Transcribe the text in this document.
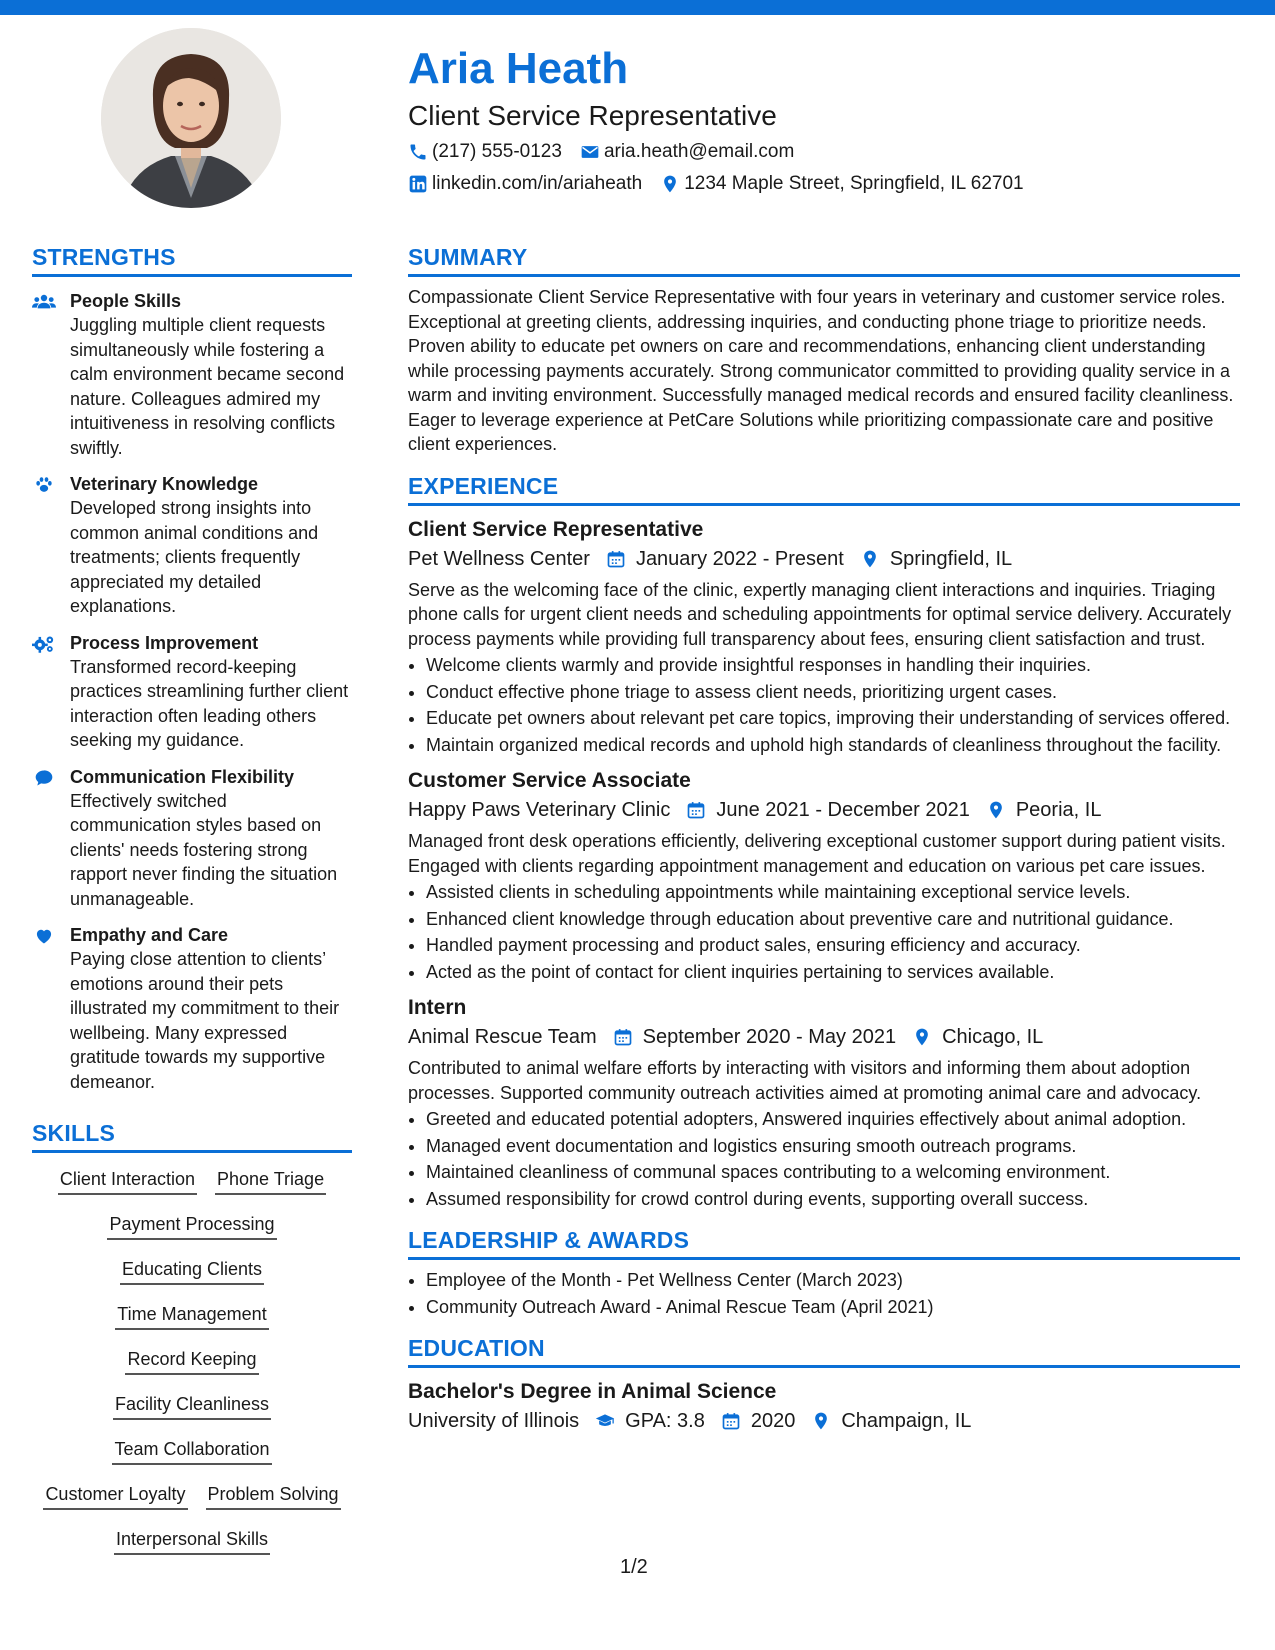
Aria Heath
Client Service Representative
(217) 555-0123 aria.heath@email.com
linkedin.com/in/ariaheath 1234 Maple Street, Springfield, IL 62701
STRENGTHS
People Skills
Juggling multiple client requests simultaneously while fostering a calm environment became second nature. Colleagues admired my intuitiveness in resolving conflicts swiftly.
Veterinary Knowledge
Developed strong insights into common animal conditions and treatments; clients frequently appreciated my detailed explanations.
Process Improvement
Transformed record-keeping practices streamlining further client interaction often leading others seeking my guidance.
Communication Flexibility
Effectively switched communication styles based on clients' needs fostering strong rapport never finding the situation unmanageable.
Empathy and Care
Paying close attention to clients’ emotions around their pets illustrated my commitment to their wellbeing. Many expressed gratitude towards my supportive demeanor.
SKILLS
Client Interaction Phone Triage
Payment Processing
Educating Clients
Time Management
Record Keeping
Facility Cleanliness
Team Collaboration
Customer Loyalty Problem Solving
Interpersonal Skills
SUMMARY
Compassionate Client Service Representative with four years in veterinary and customer service roles. Exceptional at greeting clients, addressing inquiries, and conducting phone triage to prioritize needs. Proven ability to educate pet owners on care and recommendations, enhancing client understanding while processing payments accurately. Strong communicator committed to providing quality service in a warm and inviting environment. Successfully managed medical records and ensured facility cleanliness. Eager to leverage experience at PetCare Solutions while prioritizing compassionate care and positive client experiences.
EXPERIENCE
Client Service Representative
Pet Wellness Center January 2022 - Present Springfield, IL
Serve as the welcoming face of the clinic, expertly managing client interactions and inquiries. Triaging phone calls for urgent client needs and scheduling appointments for optimal service delivery. Accurately process payments while providing full transparency about fees, ensuring client satisfaction and trust.
• Welcome clients warmly and provide insightful responses in handling their inquiries.
• Conduct effective phone triage to assess client needs, prioritizing urgent cases.
• Educate pet owners about relevant pet care topics, improving their understanding of services offered.
• Maintain organized medical records and uphold high standards of cleanliness throughout the facility.
Customer Service Associate
Happy Paws Veterinary Clinic June 2021 - December 2021 Peoria, IL
Managed front desk operations efficiently, delivering exceptional customer support during patient visits. Engaged with clients regarding appointment management and education on various pet care issues.
• Assisted clients in scheduling appointments while maintaining exceptional service levels.
• Enhanced client knowledge through education about preventive care and nutritional guidance.
• Handled payment processing and product sales, ensuring efficiency and accuracy.
• Acted as the point of contact for client inquiries pertaining to services available.
Intern
Animal Rescue Team September 2020 - May 2021 Chicago, IL
Contributed to animal welfare efforts by interacting with visitors and informing them about adoption processes. Supported community outreach activities aimed at promoting animal care and advocacy.
• Greeted and educated potential adopters, Answered inquiries effectively about animal adoption.
• Managed event documentation and logistics ensuring smooth outreach programs.
• Maintained cleanliness of communal spaces contributing to a welcoming environment.
• Assumed responsibility for crowd control during events, supporting overall success.
LEADERSHIP & AWARDS
• Employee of the Month - Pet Wellness Center (March 2023)
• Community Outreach Award - Animal Rescue Team (April 2021)
EDUCATION
Bachelor's Degree in Animal Science
University of Illinois GPA: 3.8 2020 Champaign, IL
1/2
